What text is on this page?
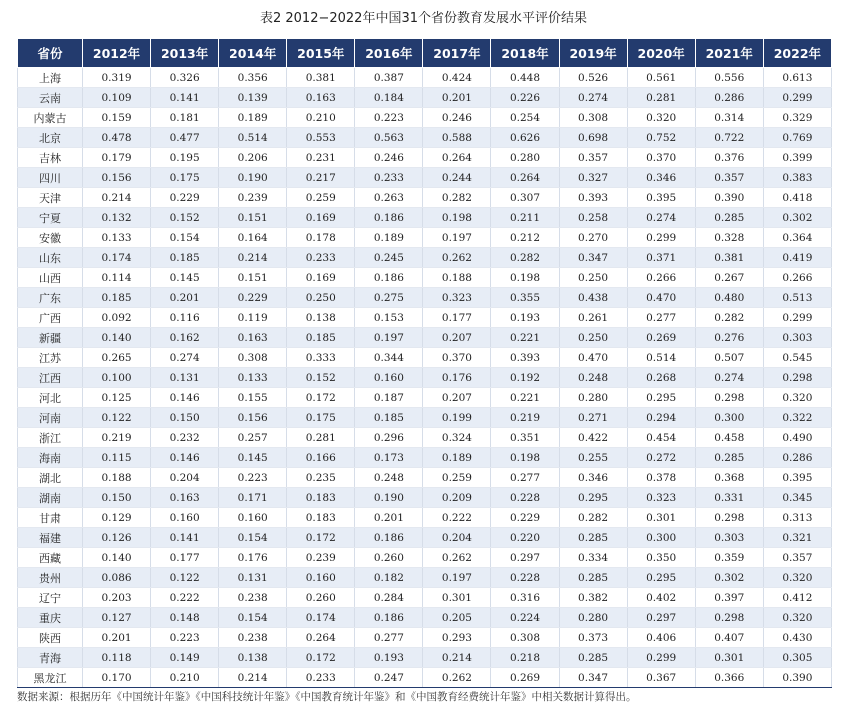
表2 2012−2022年中国31个省份教育发展水平评价结果
省份	2012年	2013年	2014年	2015年	2016年	2017年	2018年	2019年	2020年	2021年	2022年
上海	0.319	0.326	0.356	0.381	0.387	0.424	0.448	0.526	0.561	0.556	0.613
云南	0.109	0.141	0.139	0.163	0.184	0.201	0.226	0.274	0.281	0.286	0.299
内蒙古	0.159	0.181	0.189	0.210	0.223	0.246	0.254	0.308	0.320	0.314	0.329
北京	0.478	0.477	0.514	0.553	0.563	0.588	0.626	0.698	0.752	0.722	0.769
吉林	0.179	0.195	0.206	0.231	0.246	0.264	0.280	0.357	0.370	0.376	0.399
四川	0.156	0.175	0.190	0.217	0.233	0.244	0.264	0.327	0.346	0.357	0.383
天津	0.214	0.229	0.239	0.259	0.263	0.282	0.307	0.393	0.395	0.390	0.418
宁夏	0.132	0.152	0.151	0.169	0.186	0.198	0.211	0.258	0.274	0.285	0.302
安徽	0.133	0.154	0.164	0.178	0.189	0.197	0.212	0.270	0.299	0.328	0.364
山东	0.174	0.185	0.214	0.233	0.245	0.262	0.282	0.347	0.371	0.381	0.419
山西	0.114	0.145	0.151	0.169	0.186	0.188	0.198	0.250	0.266	0.267	0.266
广东	0.185	0.201	0.229	0.250	0.275	0.323	0.355	0.438	0.470	0.480	0.513
广西	0.092	0.116	0.119	0.138	0.153	0.177	0.193	0.261	0.277	0.282	0.299
新疆	0.140	0.162	0.163	0.185	0.197	0.207	0.221	0.250	0.269	0.276	0.303
江苏	0.265	0.274	0.308	0.333	0.344	0.370	0.393	0.470	0.514	0.507	0.545
江西	0.100	0.131	0.133	0.152	0.160	0.176	0.192	0.248	0.268	0.274	0.298
河北	0.125	0.146	0.155	0.172	0.187	0.207	0.221	0.280	0.295	0.298	0.320
河南	0.122	0.150	0.156	0.175	0.185	0.199	0.219	0.271	0.294	0.300	0.322
浙江	0.219	0.232	0.257	0.281	0.296	0.324	0.351	0.422	0.454	0.458	0.490
海南	0.115	0.146	0.145	0.166	0.173	0.189	0.198	0.255	0.272	0.285	0.286
湖北	0.188	0.204	0.223	0.235	0.248	0.259	0.277	0.346	0.378	0.368	0.395
湖南	0.150	0.163	0.171	0.183	0.190	0.209	0.228	0.295	0.323	0.331	0.345
甘肃	0.129	0.160	0.160	0.183	0.201	0.222	0.229	0.282	0.301	0.298	0.313
福建	0.126	0.141	0.154	0.172	0.186	0.204	0.220	0.285	0.300	0.303	0.321
西藏	0.140	0.177	0.176	0.239	0.260	0.262	0.297	0.334	0.350	0.359	0.357
贵州	0.086	0.122	0.131	0.160	0.182	0.197	0.228	0.285	0.295	0.302	0.320
辽宁	0.203	0.222	0.238	0.260	0.284	0.301	0.316	0.382	0.402	0.397	0.412
重庆	0.127	0.148	0.154	0.174	0.186	0.205	0.224	0.280	0.297	0.298	0.320
陕西	0.201	0.223	0.238	0.264	0.277	0.293	0.308	0.373	0.406	0.407	0.430
青海	0.118	0.149	0.138	0.172	0.193	0.214	0.218	0.285	0.299	0.301	0.305
黑龙江	0.170	0.210	0.214	0.233	0.247	0.262	0.269	0.347	0.367	0.366	0.390
数据来源：根据历年《中国统计年鉴》《中国科技统计年鉴》《中国教育统计年鉴》和《中国教育经费统计年鉴》中相关数据计算得出。
